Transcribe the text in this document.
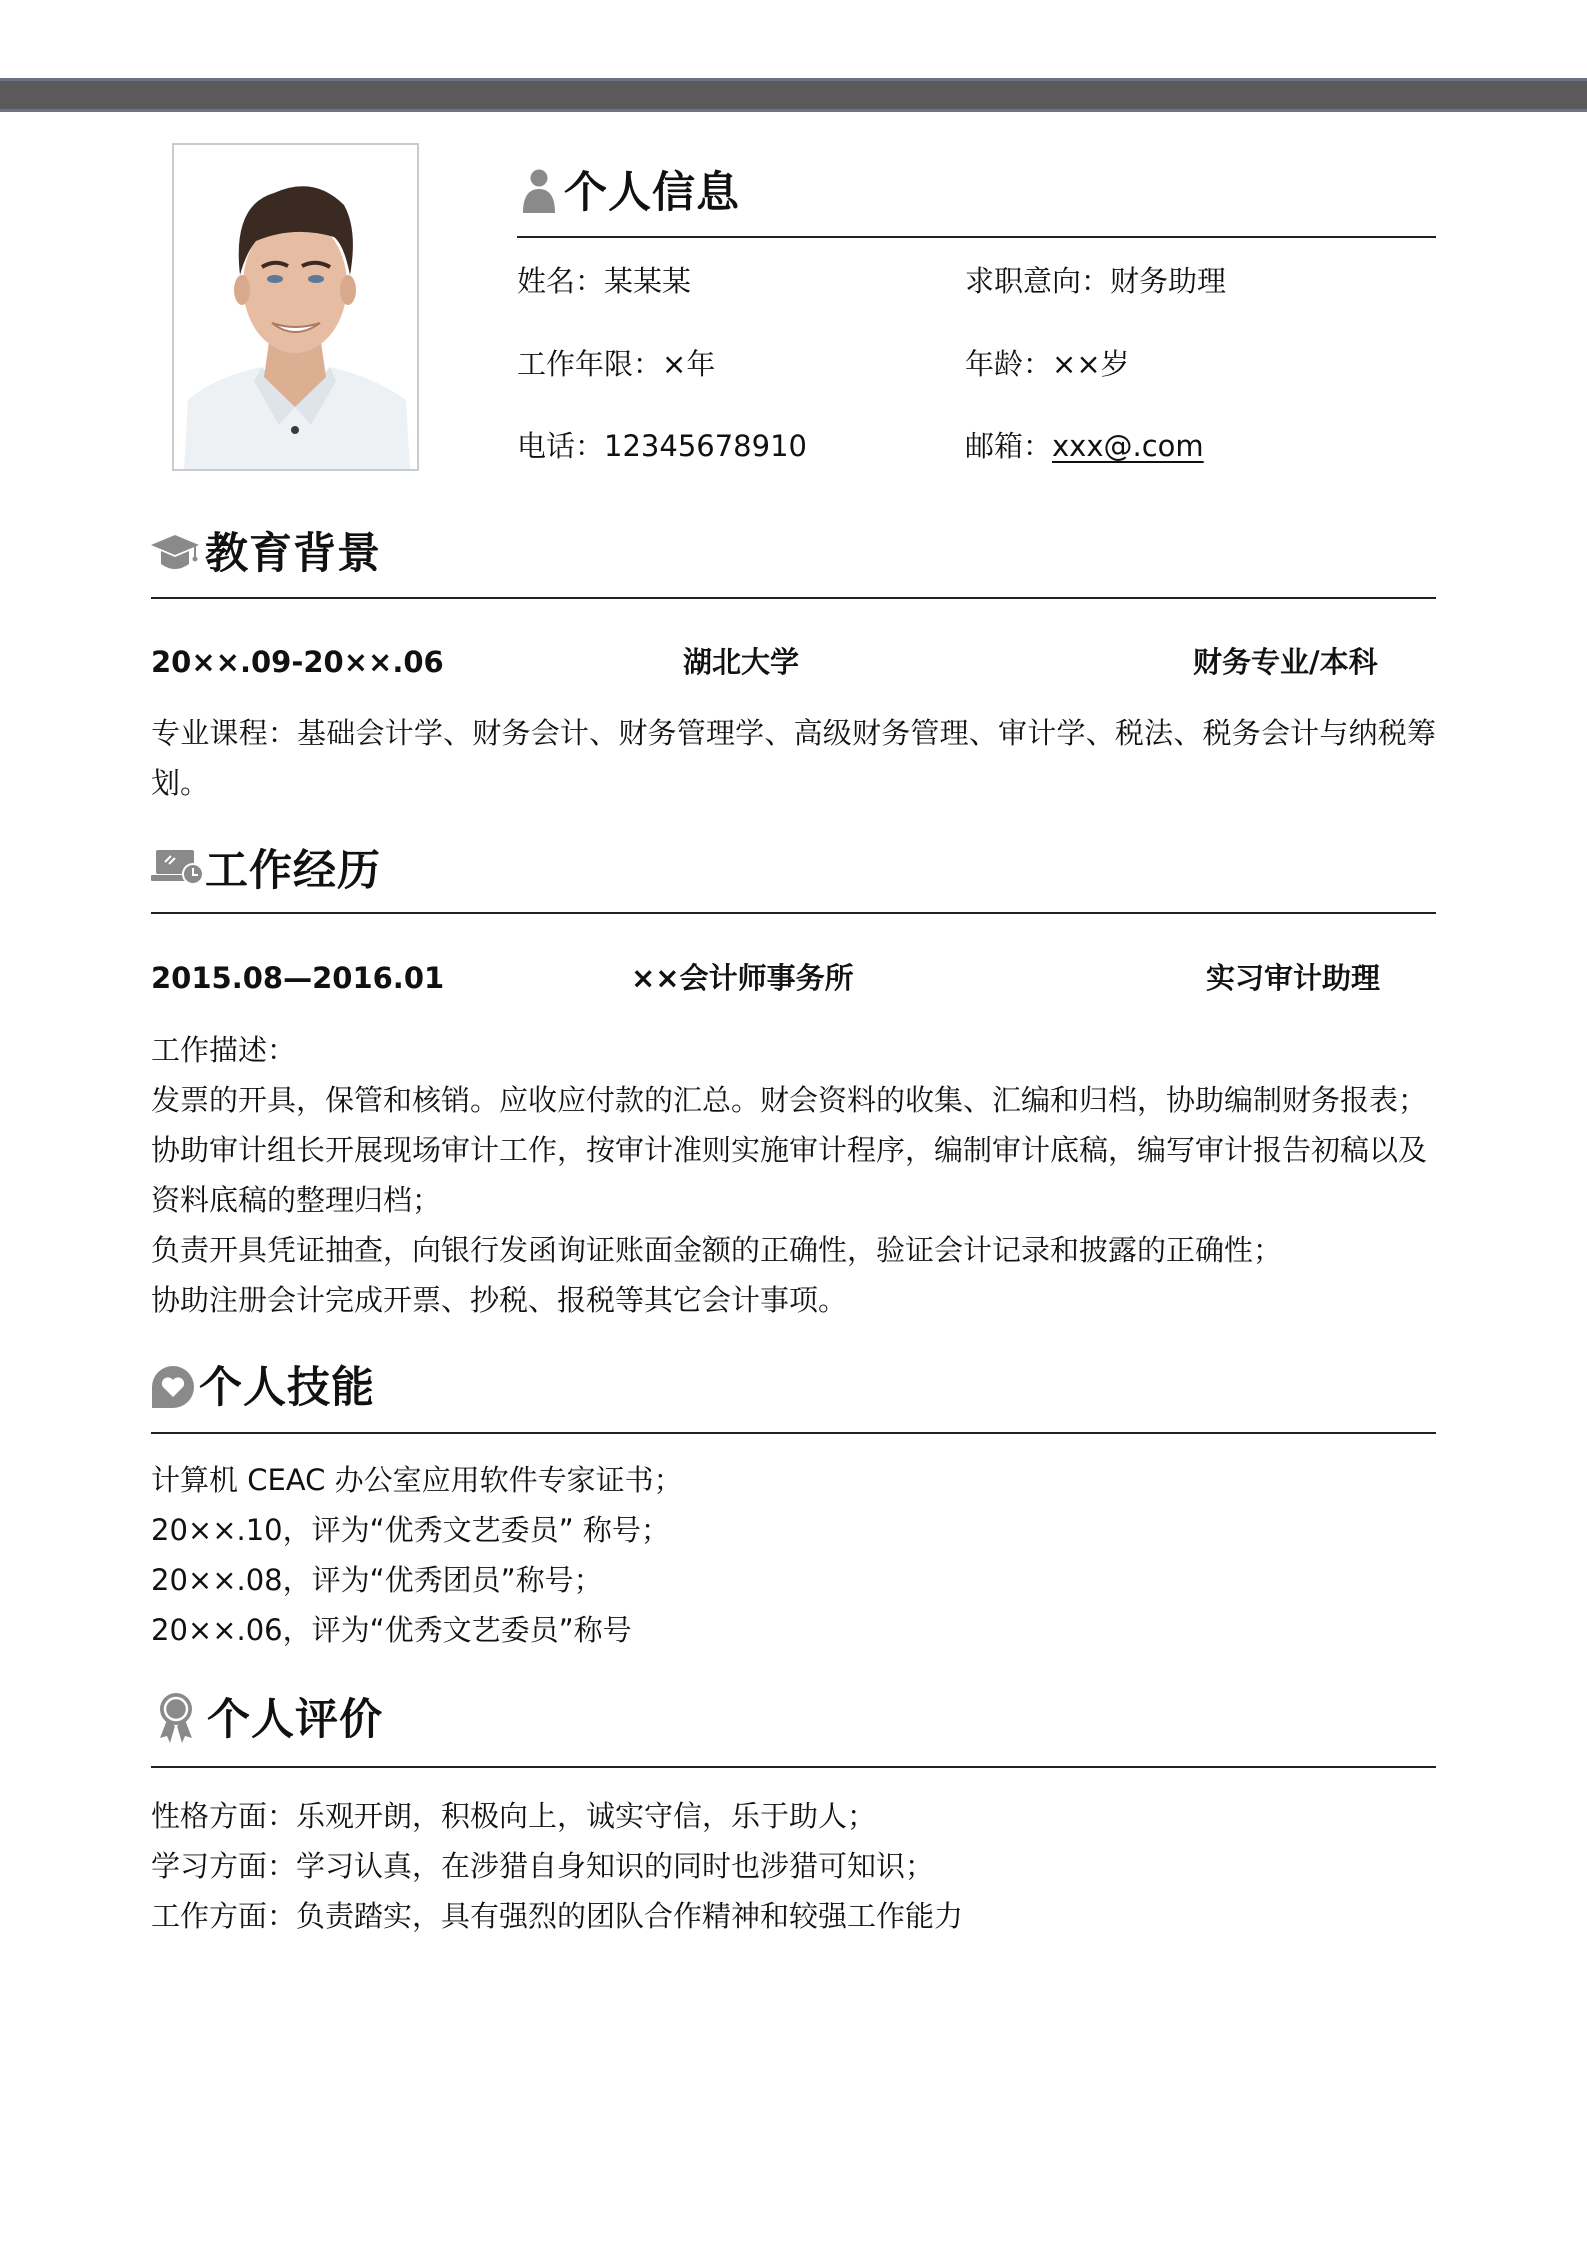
个人信息
姓名：某某某	求职意向：财务助理
工作年限：×年	年龄：××岁
电话：12345678910	邮箱：xxx@.com
教育背景
20××.09-20××.06	湖北大学	财务专业/本科
专业课程：基础会计学、财务会计、财务管理学、高级财务管理、审计学、税法、税务会计与纳税筹划。
工作经历
2015.08—2016.01	××会计师事务所	实习审计助理
工作描述：
发票的开具，保管和核销。应收应付款的汇总。财会资料的收集、汇编和归档，协助编制财务报表；
协助审计组长开展现场审计工作，按审计准则实施审计程序，编制审计底稿，编写审计报告初稿以及
资料底稿的整理归档；
负责开具凭证抽查，向银行发函询证账面金额的正确性，验证会计记录和披露的正确性；
协助注册会计完成开票、抄税、报税等其它会计事项。
个人技能
计算机 CEAC 办公室应用软件专家证书；
20××.10，评为“优秀文艺委员” 称号；
20××.08，评为“优秀团员”称号；
20××.06，评为“优秀文艺委员”称号
个人评价
性格方面：乐观开朗，积极向上，诚实守信，乐于助人；
学习方面：学习认真，在涉猎自身知识的同时也涉猎可知识；
工作方面：负责踏实，具有强烈的团队合作精神和较强工作能力
